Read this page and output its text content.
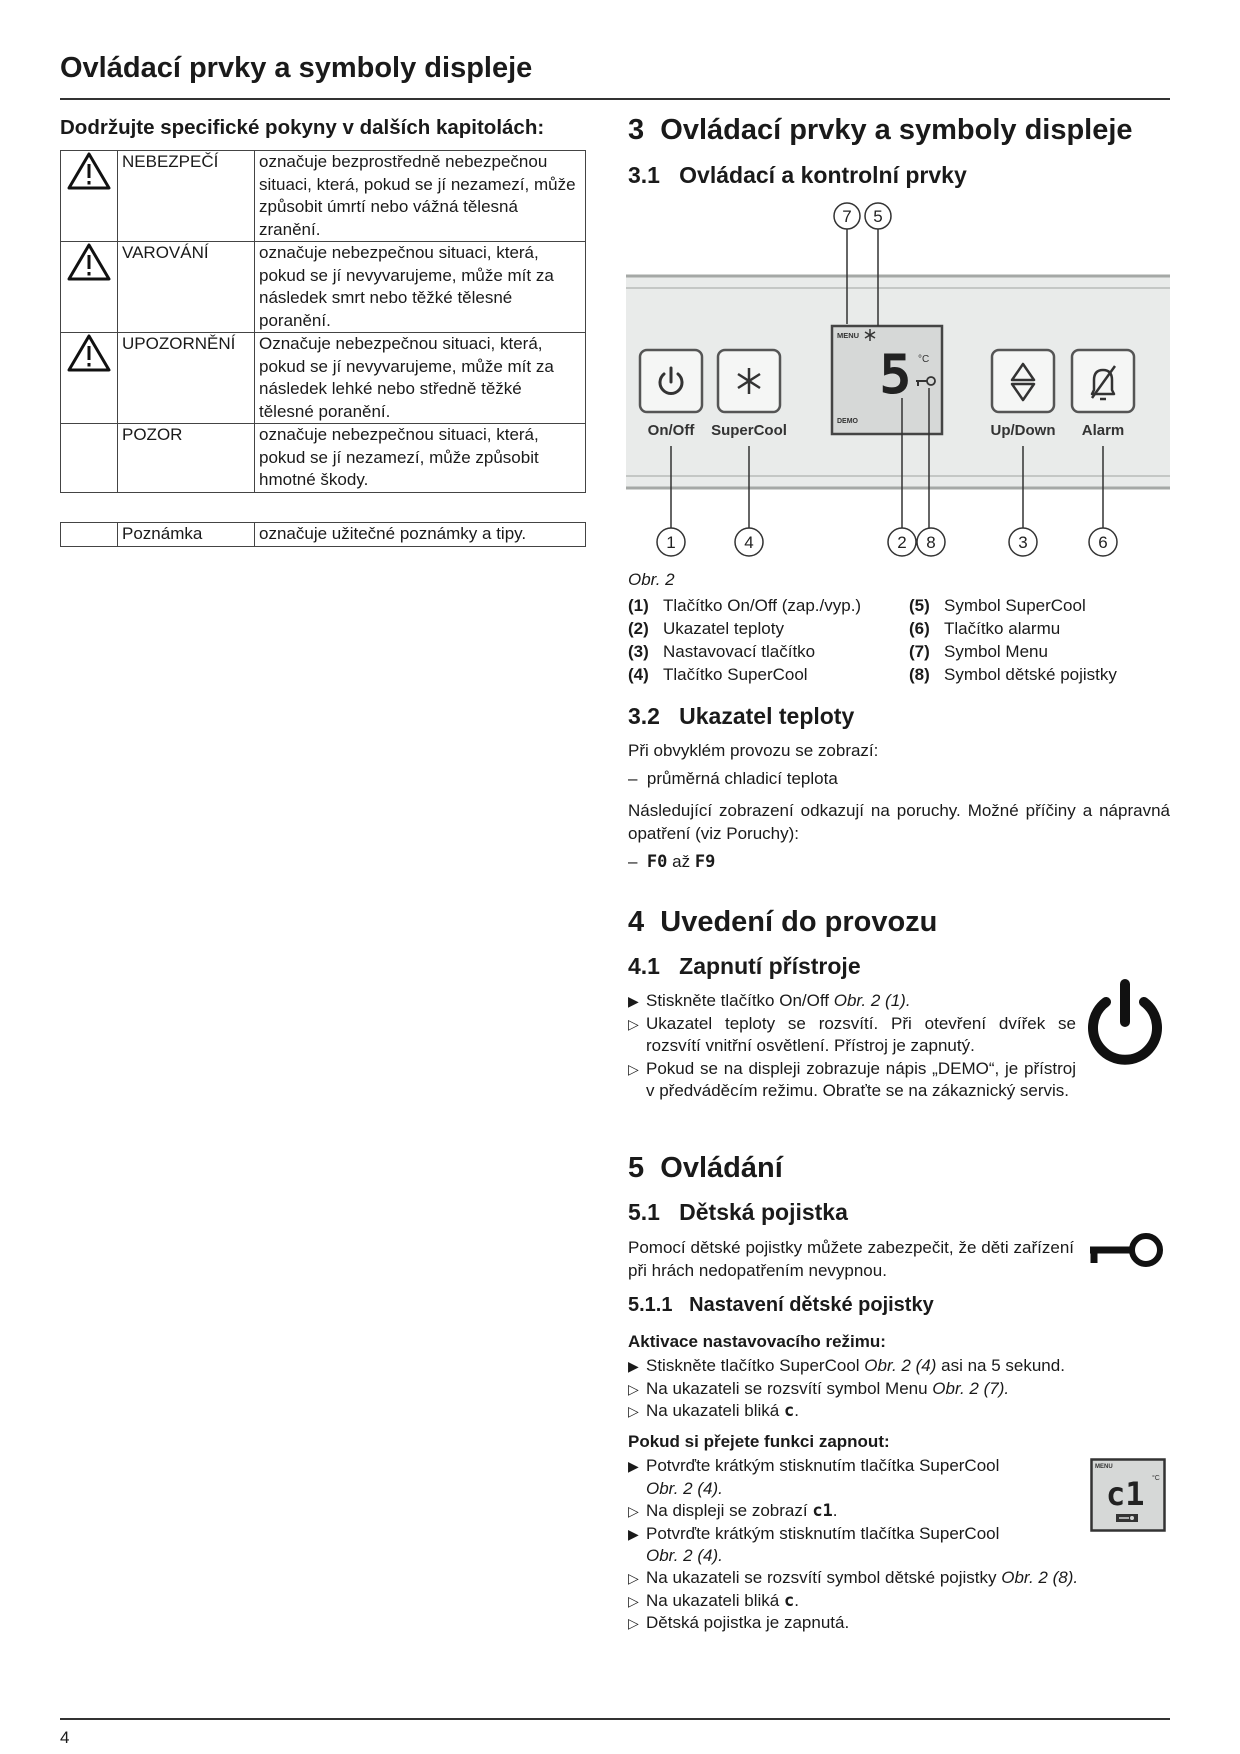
Ovládací prvky a symboly displeje
Dodržujte specifické pokyny v dalších kapitolách:
	NEBEZPEČÍ	označuje bezprostředně nebezpečnou situaci, která, pokud se jí nezamezí, může způsobit úmrtí nebo vážná tělesná zranění.
	VAROVÁNÍ	označuje nebezpečnou situaci, která, pokud se jí nevyvarujeme, může mít za následek smrt nebo těžké tělesné poranění.
	UPOZORNĚNÍ	Označuje nebezpečnou situaci, která, pokud se jí nevyvarujeme, může mít za následek lehké nebo středně těžké tělesné poranění.
	POZOR	označuje nebezpečnou situaci, která, pokud se jí nezamezí, může způsobit hmotné škody.
	Poznámka	označuje užitečné poznámky a tipy.
3 Ovládací prvky a symboly displeje
3.1 Ovládací a kontrolní prvky
On/Off SuperCool	Up/Down Alarm
MENU
5 °C
DEMO
7 5
1	4	2 8	3	6
Obr. 2
(1) Tlačítko On/Off (zap./vyp.)
(2) Ukazatel teploty
(3) Nastavovací tlačítko
(4) Tlačítko SuperCool
(5) Symbol SuperCool
(6) Tlačítko alarmu
(7) Symbol Menu
(8) Symbol dětské pojistky
3.2 Ukazatel teploty
Při obvyklém provozu se zobrazí:
–  průměrná chladicí teplota
Následující zobrazení odkazují na poruchy. Možné příčiny a nápravná opatření (viz Poruchy):
–  F0 až F9
4 Uvedení do provozu
4.1 Zapnutí přístroje
▶ Stiskněte tlačítko On/Off Obr. 2 (1).
▷ Ukazatel teploty se rozsvítí. Při otevření dvířek se rozsvítí vnitřní osvětlení. Přístroj je zapnutý.
▷ Pokud se na displeji zobrazuje nápis „DEMO“, je přístroj v předváděcím režimu. Obraťte se na zákaznický servis.
5 Ovládání
5.1 Dětská pojistka
Pomocí dětské pojistky můžete zabezpečit, že děti zařízení při hrách nedopatřením nevypnou.
5.1.1 Nastavení dětské pojistky
Aktivace nastavovacího režimu:
▶ Stiskněte tlačítko SuperCool Obr. 2 (4) asi na 5 sekund.
▷ Na ukazateli se rozsvítí symbol Menu Obr. 2 (7).
▷ Na ukazateli bliká c.
Pokud si přejete funkci zapnout:
▶ Potvrďte krátkým stisknutím tlačítka SuperCool
Obr. 2 (4).
▷ Na displeji se zobrazí c1.
▶ Potvrďte krátkým stisknutím tlačítka SuperCool
Obr. 2 (4).
▷ Na ukazateli se rozsvítí symbol dětské pojistky Obr. 2 (8).
▷ Na ukazateli bliká c.
▷ Dětská pojistka je zapnutá.
MENU
c1 °C
4
